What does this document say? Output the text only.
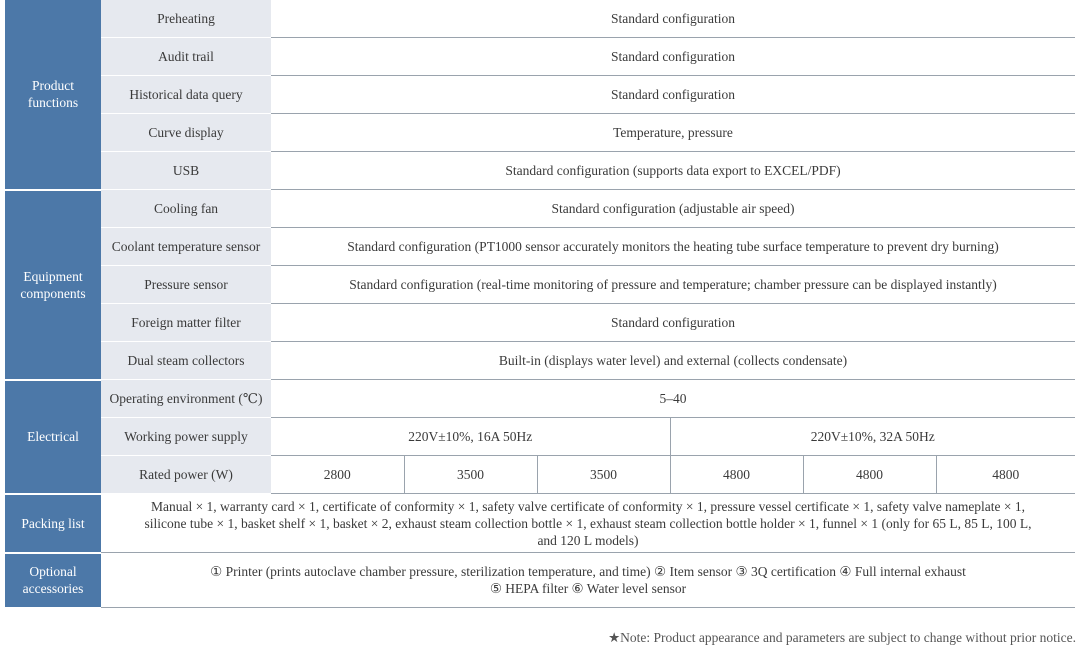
Product functions	Preheating	Standard configuration					
	Audit trail	Standard configuration					
	Historical data query	Standard configuration					
	Curve display	Temperature, pressure					
	USB	Standard configuration (supports data export to EXCEL/PDF)					
Equipment components	Cooling fan	Standard configuration (adjustable air speed)					
	Coolant temperature sensor	Standard configuration (PT1000 sensor accurately monitors the heating tube surface temperature to prevent dry burning)					
	Pressure sensor	Standard configuration (real-time monitoring of pressure and temperature; chamber pressure can be displayed instantly)					
	Foreign matter filter	Standard configuration					
	Dual steam collectors	Built-in (displays water level) and external (collects condensate)					
Electrical	Operating environment (℃)	5–40					
	Working power supply	220V±10%, 16A 50Hz			220V±10%, 32A 50Hz		
	Rated power (W)	2800	3500	3500	4800	4800	4800
Packing list	Manual × 1, warranty card × 1, certificate of conformity × 1, safety valve certificate of conformity × 1, pressure vessel certificate × 1, safety valve nameplate × 1,
silicone tube × 1, basket shelf × 1, basket × 2, exhaust steam collection bottle × 1, exhaust steam collection bottle holder × 1, funnel × 1 (only for 65 L, 85 L, 100 L,
and 120 L models)						

Optional accessories	① Printer (prints autoclave chamber pressure, sterilization temperature, and time) ② Item sensor ③ 3Q certification ④ Full internal exhaust
⑤ HEPA filter ⑥ Water level sensor						
★Note: Product appearance and parameters are subject to change without prior notice.
